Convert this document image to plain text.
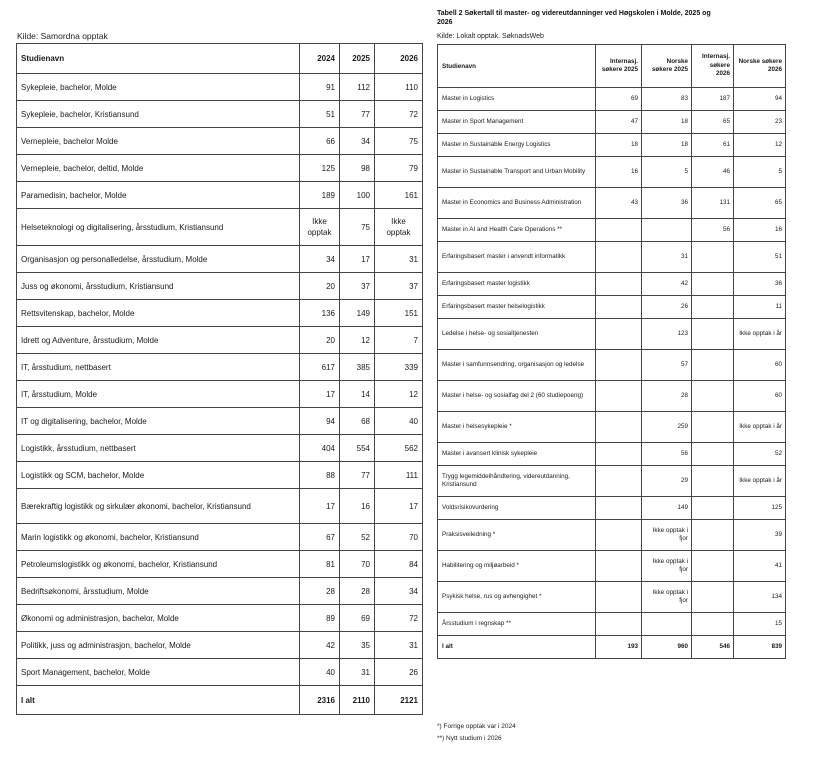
Tabell 2 Søkertall til master- og videreutdanninger ved Høgskolen i Molde, 2025 og 2026
Kilde: Samordna opptak	Kilde: Lokalt opptak. SøknadsWeb
Studienavn	2024	2025	2026
Sykepleie, bachelor, Molde	91	112	110
Sykepleie, bachelor, Kristiansund	51	77	72
Vernepleie, bachelor Molde	66	34	75
Vernepleie, bachelor, deltid, Molde	125	98	79
Paramedisin, bachelor, Molde	189	100	161
Helseteknologi og digitalisering, årsstudium, Kristiansund	Ikke opptak	75	Ikke opptak
Organisasjon og personalledelse, årsstudium, Molde	34	17	31
Juss og økonomi, årsstudium, Kristiansund	20	37	37
Rettsvitenskap, bachelor, Molde	136	149	151
Idrett og Adventure, årsstudium, Molde	20	12	7
IT, årsstudium, nettbasert	617	385	339
IT, årsstudium, Molde	17	14	12
IT og digitalisering, bachelor, Molde	94	68	40
Logistikk, årsstudium, nettbasert	404	554	562
Logistikk og SCM, bachelor, Molde	88	77	111
Bærekraftig logistikk og sirkulær økonomi, bachelor, Kristiansund	17	16	17
Marin logistikk og økonomi, bachelor, Kristiansund	67	52	70
Petroleumslogistikk og økonomi, bachelor, Kristiansund	81	70	84
Bedriftsøkonomi, årsstudium, Molde	28	28	34
Økonomi og administrasjon, bachelor, Molde	89	69	72
Politikk, juss og administrasjon, bachelor, Molde	42	35	31
Sport Management, bachelor, Molde	40	31	26
I alt	2316	2110	2121
Studienavn	Internasj. søkere 2025	Norske søkere 2025	Internasj. søkere 2026	Norske søkere 2026
Master in Logistics	69	83	187	94
Master in Sport Management	47	18	65	23
Master in Sustainable Energy Logistics	18	18	61	12
Master in Sustainable Transport and Urban Mobility	16	5	46	5
Master in Economics and Business Administration	43	36	131	65
Master in AI and Health Care Operations **			56	16
Erfaringsbasert master i anvendt informatikk		31		51
Erfaringsbasert master logistikk		42		36
Erfaringsbasert master helselogistikk		26		11
Ledelse i helse- og sosialtjenesten		123		Ikke opptak i år
Master i samfunnsendring, organisasjon og ledelse		57		60
Master i helse- og sosialfag del 2 (60 studiepoeng)		28		60
Master i helsesykepleie *		259		Ikke opptak i år
Master i avansert klinisk sykepleie		56		52
Trygg legemiddelhåndtering, videreutdanning, Kristiansund		29		Ikke opptak i år
Voldsrisikovurdering		149		125
Praksisveiledning *		Ikke opptak i fjor		39
Habilitering og miljøarbeid *		Ikke opptak i fjor		41
Psykisk helse, rus og avhengighet *		Ikke opptak i fjor		134
Årsstudium i regnskap **				15
I alt	193	960	546	839
*) Forrige opptak var i 2024
**) Nytt studium i 2026
